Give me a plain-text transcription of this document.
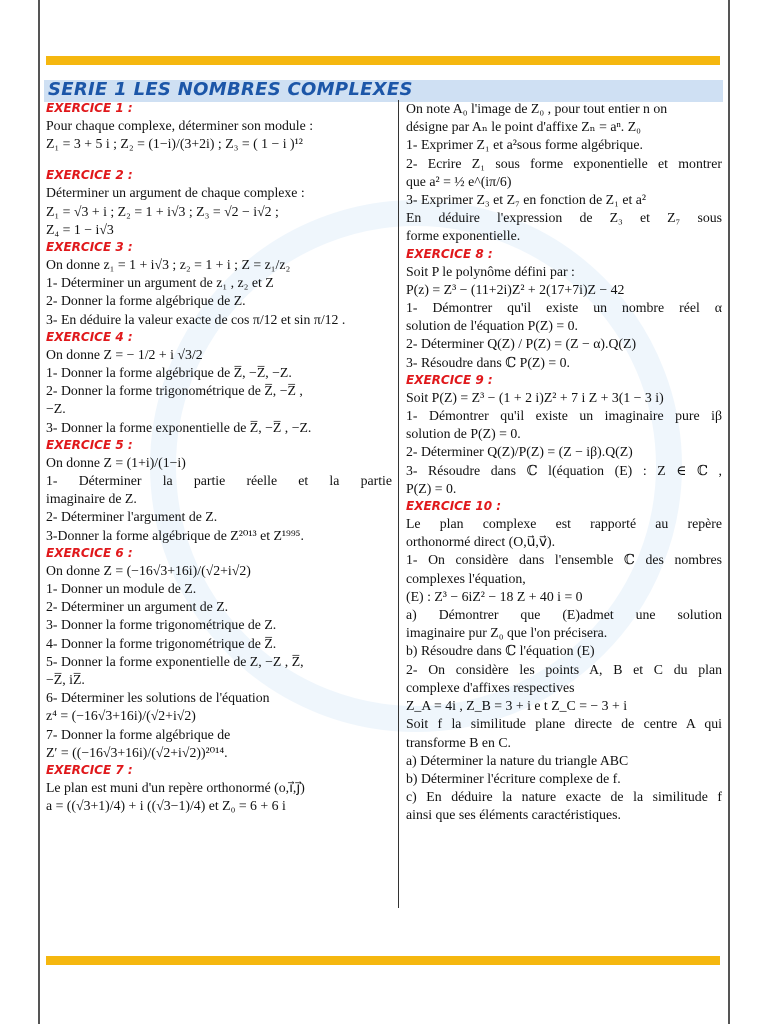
SERIE 1 LES NOMBRES COMPLEXES
EXERCICE 1 :
Pour chaque complexe, déterminer son module :
Z₁ = 3 + 5 i ; Z₂ = (1−i)/(3+2i) ; Z₃ = ( 1 − i )¹²
EXERCICE 2 :
Déterminer un argument de chaque complexe :
Z₁ = √3 + i ; Z₂ = 1 + i√3 ; Z₃ = √2 − i√2 ;
Z₄ = 1 − i√3
EXERCICE 3 :
On donne z₁ = 1 + i√3 ; z₂ = 1 + i ; Z = z₁/z₂
1- Déterminer un argument de z₁ , z₂ et Z
2- Donner la forme algébrique de Z.
3- En déduire la valeur exacte de cos π/12 et sin π/12 .
EXERCICE 4 :
On donne Z = − 1/2 + i √3/2
1- Donner la forme algébrique de Z̅, −Z̅, −Z.
2- Donner la forme trigonométrique de Z̅, −Z̅ ,
−Z.
3- Donner la forme exponentielle de Z̅, −Z̅ , −Z.
EXERCICE 5 :
On donne Z = (1+i)/(1−i)
1- Déterminer la partie réelle et la partie
imaginaire de Z.
2- Déterminer l'argument de Z.
3-Donner la forme algébrique de Z²⁰¹³ et Z¹⁹⁹⁵.
EXERCICE 6 :
On donne Z = (−16√3+16i)/(√2+i√2)
1- Donner un module de Z.
2- Déterminer un argument de Z.
3- Donner la forme trigonométrique de Z.
4- Donner la forme trigonométrique de Z̅.
5- Donner la forme exponentielle de Z, −Z , Z̅,
−Z̅, iZ̅.
6- Déterminer les solutions de l'équation
z⁴ = (−16√3+16i)/(√2+i√2)
7- Donner la forme algébrique de
Z′ = ((−16√3+16i)/(√2+i√2))²⁰¹⁴.
EXERCICE 7 :
Le plan est muni d'un repère orthonormé (o,i⃗,j⃗)
a = ((√3+1)/4) + i ((√3−1)/4) et Z₀ = 6 + 6 i
On note A₀ l'image de Z₀ , pour tout entier n on
désigne par Aₙ le point d'affixe Zₙ = aⁿ. Z₀
1- Exprimer Z₁ et a²sous forme algébrique.
2- Ecrire Z₁ sous forme exponentielle et montrer
que a² = ½ e^(iπ/6)
3- Exprimer Z₃ et Z₇ en fonction de Z₁ et a²
En déduire l'expression de Z₃ et Z₇ sous
forme exponentielle.
EXERCICE 8 :
Soit P le polynôme défini par :
P(z) = Z³ − (11+2i)Z² + 2(17+7i)Z − 42
1- Démontrer qu'il existe un nombre réel α
solution de l'équation P(Z) = 0.
2- Déterminer Q(Z) / P(Z) = (Z − α).Q(Z)
3- Résoudre dans ℂ P(Z) = 0.
EXERCICE 9 :
Soit P(Z) = Z³ − (1 + 2 i)Z² + 7 i Z + 3(1 − 3 i)
1- Démontrer qu'il existe un imaginaire pure iβ
solution de P(Z) = 0.
2- Déterminer Q(Z)/P(Z) = (Z − iβ).Q(Z)
3- Résoudre dans ℂ l(équation (E) : Z ∈ ℂ ,
P(Z) = 0.
EXERCICE 10 :
Le plan complexe est rapporté au repère
orthonormé direct (O,u⃗,v⃗).
1- On considère dans l'ensemble ℂ des nombres
complexes l'équation,
(E) : Z³ − 6iZ² − 18 Z + 40 i = 0
a) Démontrer que (E)admet une solution
imaginaire pur Z₀ que l'on précisera.
b) Résoudre dans ℂ l'équation (E)
2- On considère les points A, B et C du plan
complexe d'affixes respectives
Z_A = 4i , Z_B = 3 + i e t Z_C = − 3 + i
Soit f la similitude plane directe de centre A qui
transforme B en C.
a) Déterminer la nature du triangle ABC
b) Déterminer l'écriture complexe de f.
c) En déduire la nature exacte de la similitude f
ainsi que ses éléments caractéristiques.
